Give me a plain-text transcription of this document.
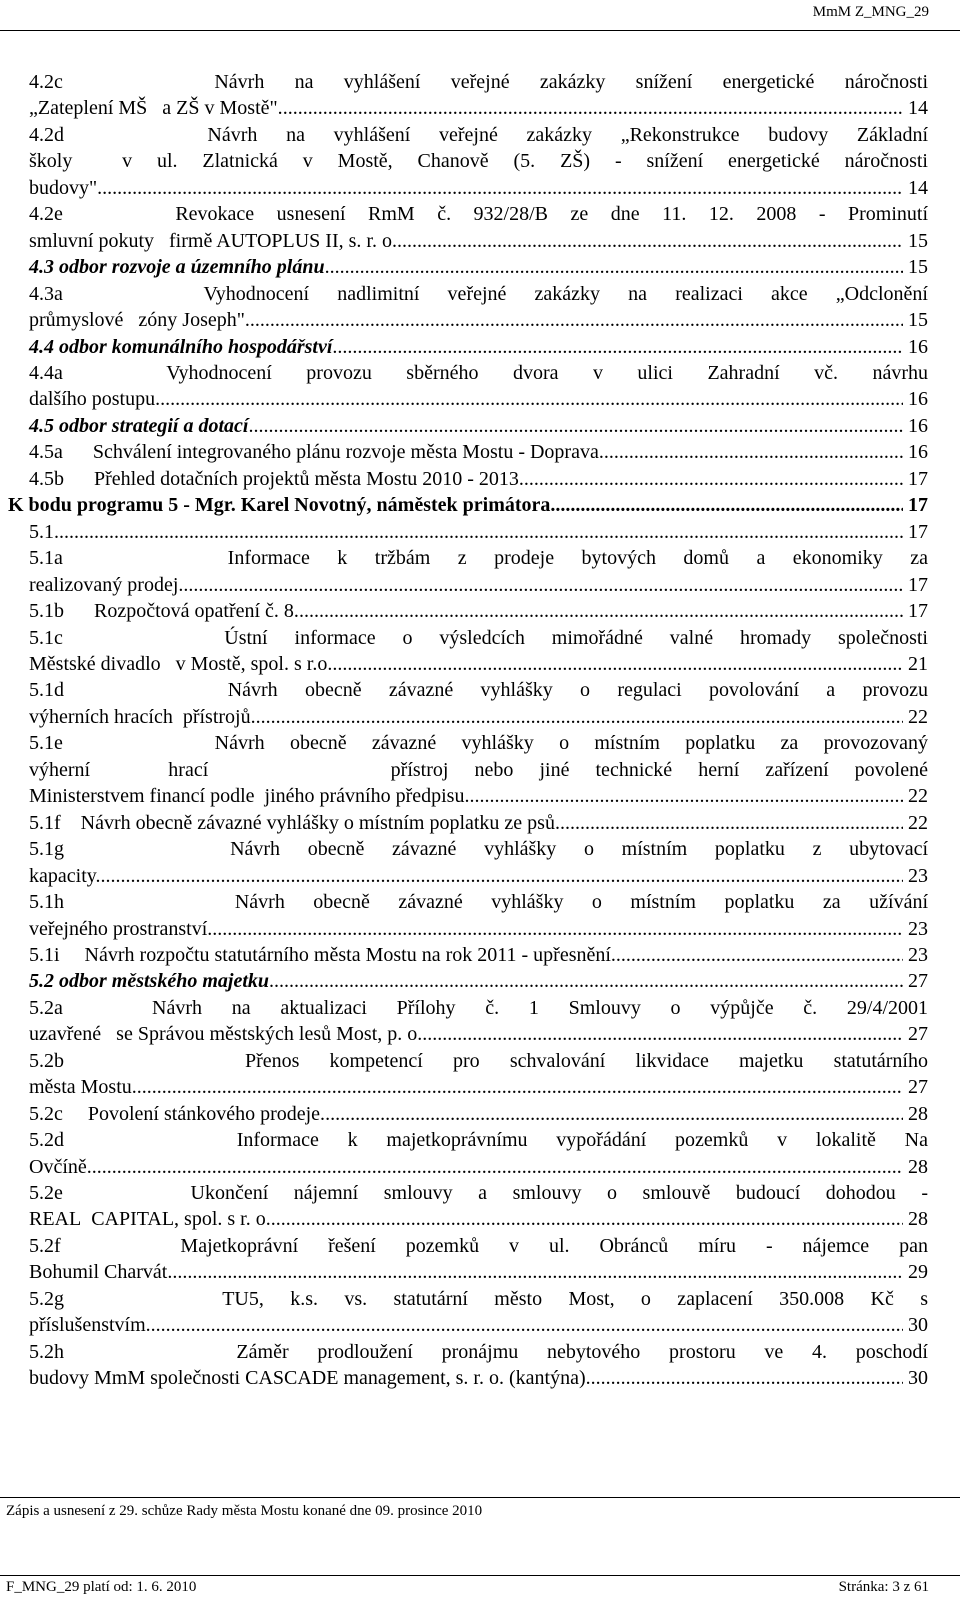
MmM Z_MNG_29
4.2c     Návrh na vyhlášení veřejné zakázky snížení energetické náročnosti
„Zateplení MŠ   a ZŠ v Mostě". .....	14
4.2d     Návrh na vyhlášení veřejné zakázky „Rekonstrukce budovy Základní
školy  v ul. Zlatnická v Mostě, Chanově (5. ZŠ) - snížení energetické náročnosti
budovy". .....	14
4.2e     Revokace usnesení RmM č. 932/28/B ze dne 11. 12. 2008 - Prominutí
smluvní pokuty   firmě AUTOPLUS II, s. r. o. .....	15
4.3 odbor rozvoje a územního plánu .....	15
4.3a     Vyhodnocení nadlimitní veřejné zakázky na realizaci akce „Odclonění
průmyslové   zóny Joseph". .....	15
4.4 odbor komunálního hospodářství .....	16
4.4a   Vyhodnocení provozu sběrného dvora v ulici Zahradní vč. návrhu
dalšího postupu. .....	16
4.5 odbor strategií a dotací .....	16
4.5a      Schválení integrovaného plánu rozvoje města Mostu - Doprava. .....	16
4.5b      Přehled dotačních projektů města Mostu 2010 - 2013 .....	17
K bodu programu 5 - Mgr. Karel Novotný, náměstek primátora .....	17
5.1 .....	17
5.1a      Informace k tržbám z prodeje bytových domů a ekonomiky za
realizovaný prodej. .....	17
5.1b      Rozpočtová opatření č. 8. .....	17
5.1c      Ústní informace o výsledcích mimořádné valné hromady společnosti
Městské divadlo   v Mostě, spol. s r.o. .....	21
5.1d      Návrh obecně závazné vyhlášky o regulaci povolování a provozu
výherních hracích  přístrojů .....	22
5.1e      Návrh obecně závazné vyhlášky o místním poplatku za provozovaný
výherní   hrací       přístroj nebo jiné technické herní zařízení povolené
Ministerstvem financí podle  jiného právního předpisu. .....	22
5.1f    Návrh obecně závazné vyhlášky o místním poplatku ze psů. .....	22
5.1g      Návrh obecně závazné vyhlášky o místním poplatku z ubytovací
kapacity. .....	23
5.1h      Návrh obecně závazné vyhlášky o místním poplatku za užívání
veřejného prostranství. .....	23
5.1i     Návrh rozpočtu statutárního města Mostu na rok 2011 - upřesnění. .....	23
5.2 odbor městského majetku .....	27
5.2a   Návrh na aktualizaci Přílohy č. 1 Smlouvy o výpůjče č. 29/4/2001
uzavřené   se Správou městských lesů Most, p. o. .....	27
5.2b      Přenos kompetencí pro schvalování likvidace majetku statutárního
města Mostu. .....	27
5.2c     Povolení stánkového prodeje. .....	28
5.2d      Informace k majetkoprávnímu vypořádání pozemků v lokalitě Na
Ovčíně. .....	28
5.2e     Ukončení nájemní smlouvy a smlouvy o smlouvě budoucí dohodou -
REAL  CAPITAL, spol. s r. o. .....	28
5.2f    Majetkoprávní řešení pozemků v ul. Obránců míru - nájemce pan
Bohumil Charvát. .....	29
5.2g      TU5, k.s. vs. statutární město Most, o zaplacení 350.008 Kč s
příslušenstvím .....	30
5.2h      Záměr prodloužení pronájmu nebytového prostoru ve 4. poschodí
budovy MmM společnosti CASCADE management, s. r. o. (kantýna). .....	30
Zápis a usnesení z 29. schůze Rady města Mostu konané dne 09. prosince 2010
F_MNG_29 platí od: 1. 6. 2010	Stránka: 3 z 61
